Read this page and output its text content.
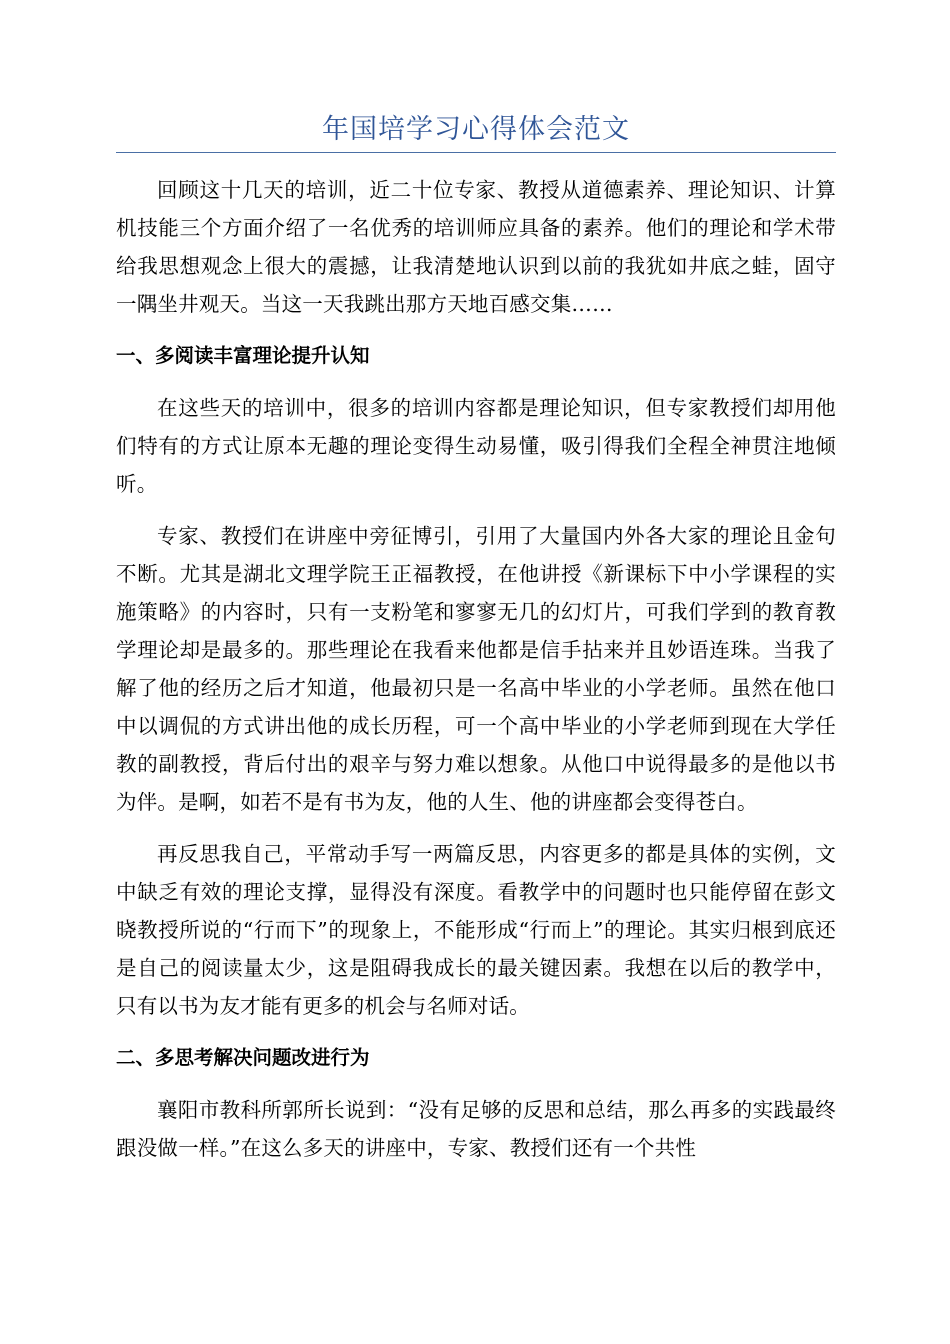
年国培学习心得体会范文

回顾这十几天的培训，近二十位专家、教授从道德素养、理论知识、计算机技能三个方面介绍了一名优秀的培训师应具备的素养。他们的理论和学术带给我思想观念上很大的震撼，让我清楚地认识到以前的我犹如井底之蛙，固守一隅坐井观天。当这一天我跳出那方天地百感交集……

一、多阅读丰富理论提升认知

在这些天的培训中，很多的培训内容都是理论知识，但专家教授们却用他们特有的方式让原本无趣的理论变得生动易懂，吸引得我们全程全神贯注地倾听。

专家、教授们在讲座中旁征博引，引用了大量国内外各大家的理论且金句不断。尤其是湖北文理学院王正福教授，在他讲授《新课标下中小学课程的实施策略》的内容时，只有一支粉笔和寥寥无几的幻灯片，可我们学到的教育教学理论却是最多的。那些理论在我看来他都是信手拈来并且妙语连珠。当我了解了他的经历之后才知道，他最初只是一名高中毕业的小学老师。虽然在他口中以调侃的方式讲出他的成长历程，可一个高中毕业的小学老师到现在大学任教的副教授，背后付出的艰辛与努力难以想象。从他口中说得最多的是他以书为伴。是啊，如若不是有书为友，他的人生、他的讲座都会变得苍白。

再反思我自己，平常动手写一两篇反思，内容更多的都是具体的实例，文中缺乏有效的理论支撑，显得没有深度。看教学中的问题时也只能停留在彭文晓教授所说的“行而下”的现象上，不能形成“行而上”的理论。其实归根到底还是自己的阅读量太少，这是阻碍我成长的最关键因素。我想在以后的教学中，只有以书为友才能有更多的机会与名师对话。

二、多思考解决问题改进行为

襄阳市教科所郭所长说到：“没有足够的反思和总结，那么再多的实践最终跟没做一样。”在这么多天的讲座中，专家、教授们还有一个共性
